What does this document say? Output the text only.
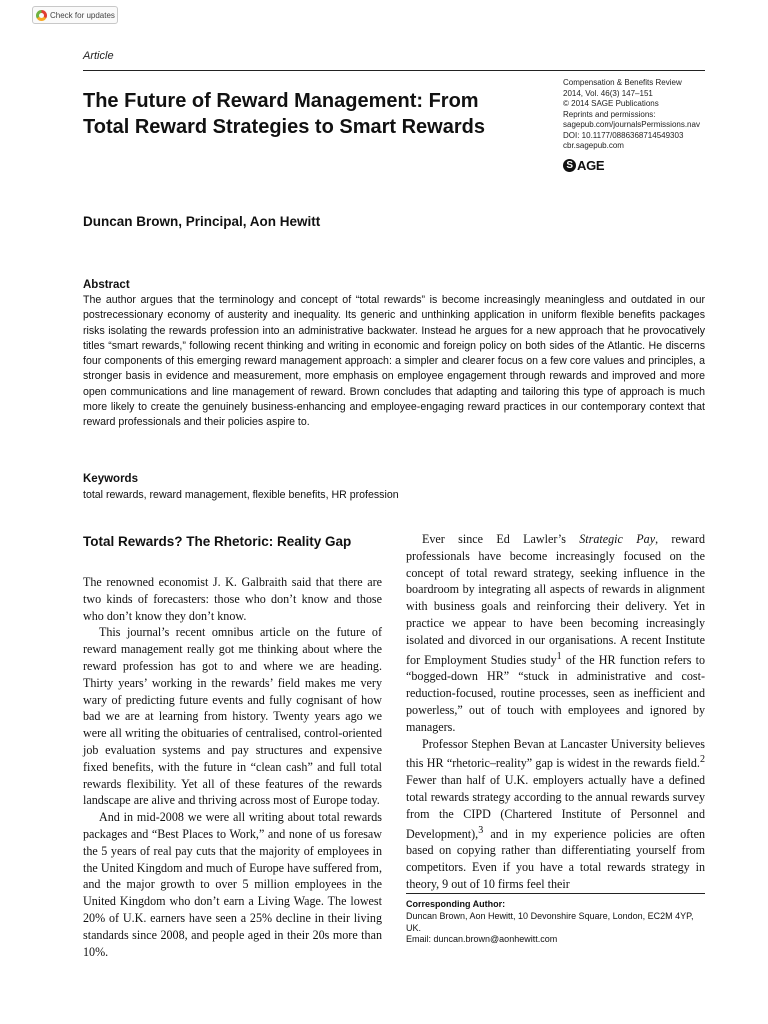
Check for updates
Article
The Future of Reward Management: From Total Reward Strategies to Smart Rewards
Compensation & Benefits Review
2014, Vol. 46(3) 147–151
© 2014 SAGE Publications
Reprints and permissions:
sagepub.com/journalsPermissions.nav
DOI: 10.1177/0886368714549303
cbr.sagepub.com
S AGE
Duncan Brown, Principal, Aon Hewitt
Abstract

The author argues that the terminology and concept of “total rewards” is become increasingly meaningless and outdated in our postrecessionary economy of austerity and inequality. Its generic and unthinking application in uniform flexible benefits packages risks isolating the rewards profession into an administrative backwater. Instead he argues for a new approach that he provocatively titles “smart rewards,” following recent thinking and writing in economic and foreign policy on both sides of the Atlantic. He discerns four components of this emerging reward management approach: a simpler and clearer focus on a few core values and principles, a stronger basis in evidence and measurement, more emphasis on employee engagement through rewards and improved and more open communications and line management of reward. Brown concludes that adapting and tailoring this type of approach is much more likely to create the genuinely business-enhancing and employee-engaging reward practices in our contemporary context that reward professionals and their policies aspire to.

Keywords
total rewards, reward management, flexible benefits, HR profession
Total Rewards? The Rhetoric: Reality Gap

The renowned economist J. K. Galbraith said that there are two kinds of forecasters: those who don’t know and those who don’t know they don’t know.

This journal’s recent omnibus article on the future of reward management really got me thinking about where the reward profession has got to and where we are heading. Thirty years’ working in the rewards’ field makes me very wary of predicting future events and fully cognisant of how bad we are at learning from history. Twenty years ago we were all writing the obituaries of centralised, control-oriented job evaluation systems and pay structures and expensive fixed benefits, with the future in “clean cash” and full total rewards flexibility. Yet all of these features of the rewards landscape are alive and thriving across most of Europe today.

And in mid-2008 we were all writing about total rewards packages and “Best Places to Work,” and none of us foresaw the 5 years of real pay cuts that the majority of employees in the United Kingdom and much of Europe have suffered from, and the major growth to over 5 million employees in the United Kingdom who don’t earn a Living Wage. The lowest 20% of U.K. earners have seen a 25% decline in their living standards since 2008, and people aged in their 20s more than 10%.

Ever since Ed Lawler’s Strategic Pay, reward professionals have become increasingly focused on the concept of total reward strategy, seeking influence in the boardroom by integrating all aspects of rewards in alignment with business goals and reinforcing their delivery. Yet in practice we appear to have been becoming increasingly isolated and divorced in our organisations. A recent Institute for Employment Studies study$^1$ of the HR function refers to “bogged-down HR” “stuck in administrative and cost-reduction-focused, routine processes, seen as inefficient and powerless,” out of touch with employees and ignored by managers.

Professor Stephen Bevan at Lancaster University believes this HR “rhetoric–reality” gap is widest in the rewards field.$^2$ Fewer than half of U.K. employers actually have a defined total rewards strategy according to the annual rewards survey from the CIPD (Chartered Institute of Personnel and Development),$^3$ and in my experience policies are often based on copying rather than differentiating yourself from competitors. Even if you have a total rewards strategy in theory, 9 out of 10 firms feel their

Corresponding Author:
Duncan Brown, Aon Hewitt, 10 Devonshire Square, London, EC2M 4YP, UK.
Email: duncan.brown@aonhewitt.com
